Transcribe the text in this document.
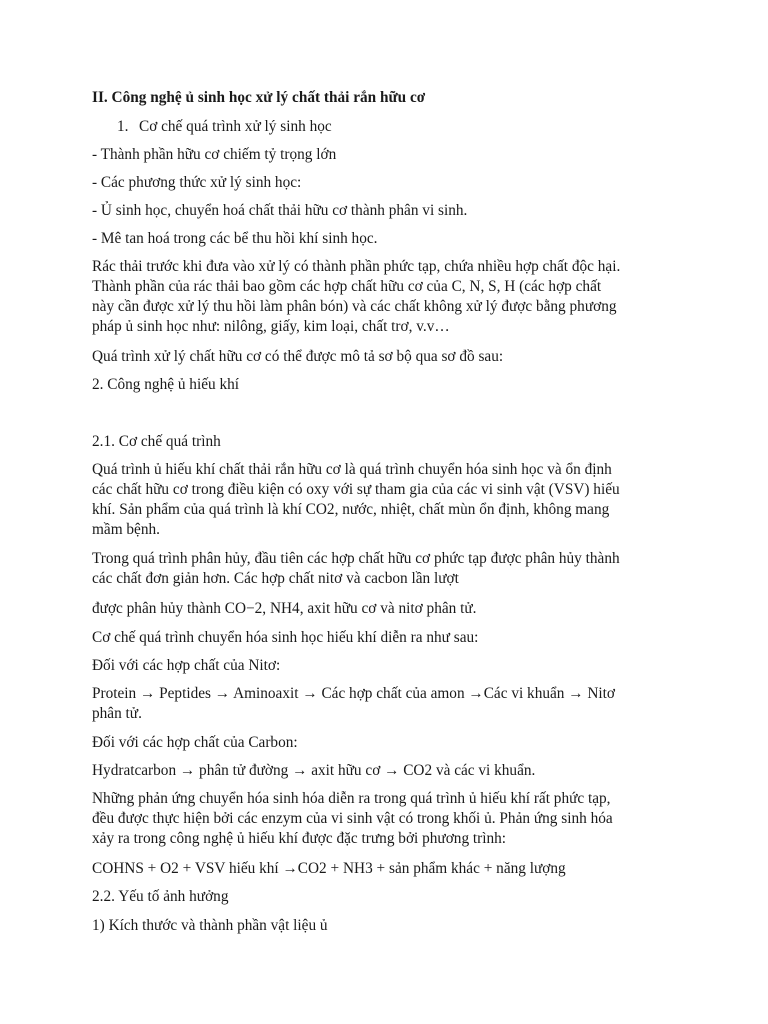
II. Công nghệ ủ sinh học xử lý chất thải rắn hữu cơ

1. Cơ chế quá trình xử lý sinh học

- Thành phần hữu cơ chiếm tỷ trọng lớn

- Các phương thức xử lý sinh học:

- Ủ sinh học, chuyển hoá chất thải hữu cơ thành phân vi sinh.

- Mê tan hoá trong các bể thu hồi khí sinh học.

Rác thải trước khi đưa vào xử lý có thành phần phức tạp, chứa nhiều hợp chất độc hại.
Thành phần của rác thải bao gồm các hợp chất hữu cơ của C, N, S, H (các hợp chất
này cần được xử lý thu hồi làm phân bón) và các chất không xử lý được bằng phương
pháp ủ sinh học như: nilông, giấy, kim loại, chất trơ, v.v…

Quá trình xử lý chất hữu cơ có thể được mô tả sơ bộ qua sơ đồ sau:

2. Công nghệ ủ hiếu khí

2.1. Cơ chế quá trình

Quá trình ủ hiếu khí chất thải rắn hữu cơ là quá trình chuyển hóa sinh học và ổn định
các chất hữu cơ trong điều kiện có oxy với sự tham gia của các vi sinh vật (VSV) hiếu
khí. Sản phẩm của quá trình là khí CO2, nước, nhiệt, chất mùn ổn định, không mang
mầm bệnh.
Trong quá trình phân hủy, đầu tiên các hợp chất hữu cơ phức tạp được phân hủy thành
các chất đơn giản hơn. Các hợp chất nitơ và cacbon lần lượt

được phân hủy thành CO−2, NH4, axit hữu cơ và nitơ phân tử.

Cơ chế quá trình chuyển hóa sinh học hiếu khí diễn ra như sau:

Đối với các hợp chất của Nitơ:

Protein → Peptides → Aminoaxit → Các hợp chất của amon →Các vi khuẩn → Nitơ
phân tử.

Đối với các hợp chất của Carbon:

Hydratcarbon → phân tử đường → axit hữu cơ → CO2 và các vi khuẩn.

Những phản ứng chuyển hóa sinh hóa diễn ra trong quá trình ủ hiếu khí rất phức tạp,
đều được thực hiện bởi các enzym của vi sinh vật có trong khối ủ. Phản ứng sinh hóa
xảy ra trong công nghệ ủ hiếu khí được đặc trưng bởi phương trình:

COHNS + O2 + VSV hiếu khí →CO2 + NH3 + sản phẩm khác + năng lượng

2.2. Yếu tố ảnh hưởng

1) Kích thước và thành phần vật liệu ủ
